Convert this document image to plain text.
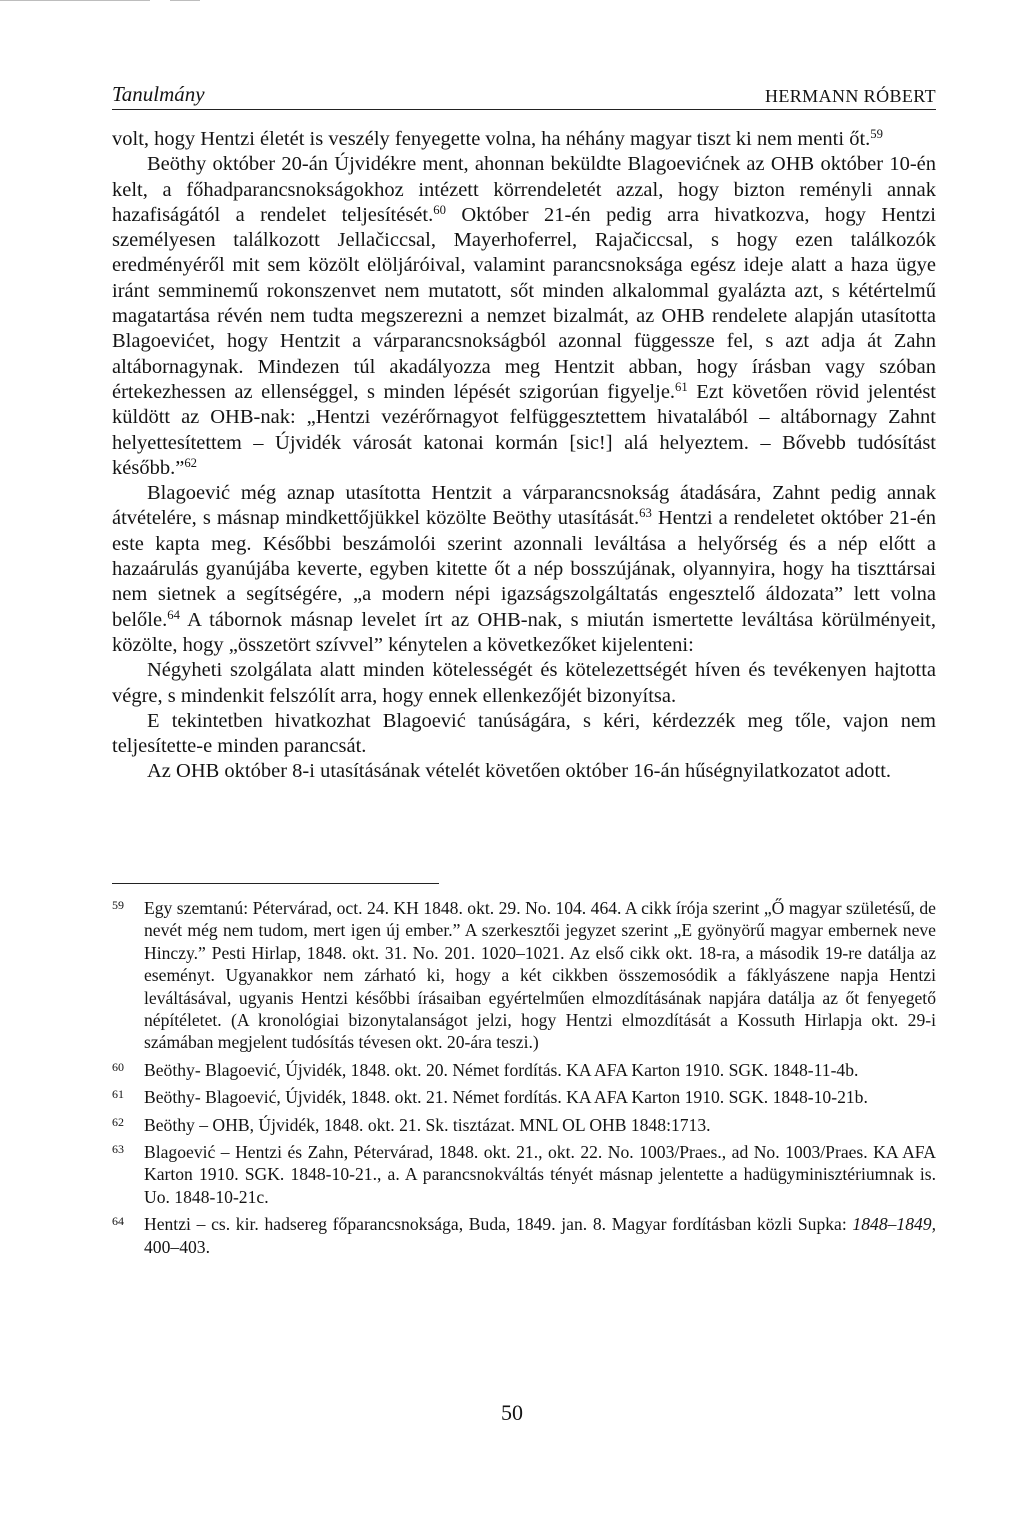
Tanulmány	HERMANN RÓBERT

volt, hogy Hentzi életét is veszély fenyegette volna, ha néhány magyar tiszt ki nem menti őt.$^{59}$

Beöthy október 20-án Újvidékre ment, ahonnan beküldte Blagoevićnek az OHB október 10-én kelt, a főhadparancsnokságokhoz intézett körrendeletét azzal, hogy bizton reményli annak hazafiságától a rendelet teljesítését.$^{60}$ Október 21-én pedig arra hivatkozva, hogy Hentzi személyesen találkozott Jellačiccsal, Mayerhoferrel, Rajačiccsal, s hogy ezen találkozók eredményéről mit sem közölt elöljáróival, valamint parancsnoksága egész ideje alatt a haza ügye iránt semminemű rokonszenvet nem mutatott, sőt minden alkalommal gyalázta azt, s kétértelmű magatartása révén nem tudta megszerezni a nemzet bizalmát, az OHB rendelete alapján utasította Blagoevićet, hogy Hentzit a várparancsnokságból azonnal függessze fel, s azt adja át Zahn altábornagynak. Mindezen túl akadályozza meg Hentzit abban, hogy írásban vagy szóban értekezhessen az ellenséggel, s minden lépését szigorúan figyelje.$^{61}$ Ezt követően rövid jelentést küldött az OHB-nak: „Hentzi vezérőrnagyot felfüggesztettem hivatalából – altábornagy Zahnt helyettesítettem – Újvidék városát katonai kormán [sic!] alá helyeztem. – Bővebb tudósítást később.”$^{62}$

Blagoević még aznap utasította Hentzit a várparancsnokság átadására, Zahnt pedig annak átvételére, s másnap mindkettőjükkel közölte Beöthy utasítását.$^{63}$ Hentzi a rendeletet október 21-én este kapta meg. Későbbi beszámolói szerint azonnali leváltása a helyőrség és a nép előtt a hazaárulás gyanújába keverte, egyben kitette őt a nép bosszújának, olyannyira, hogy ha tiszttársai nem sietnek a segítségére, „a modern népi igazságszolgáltatás engesztelő áldozata” lett volna belőle.$^{64}$ A tábornok másnap levelet írt az OHB-nak, s miután ismertette leváltása körülményeit, közölte, hogy „összetört szívvel” kénytelen a következőket kijelenteni:

Négyheti szolgálata alatt minden kötelességét és kötelezettségét híven és tevékenyen hajtotta végre, s mindenkit felszólít arra, hogy ennek ellenkezőjét bizonyítsa.

E tekintetben hivatkozhat Blagoević tanúságára, s kéri, kérdezzék meg tőle, vajon nem teljesítette-e minden parancsát.

Az OHB október 8-i utasításának vételét követően október 16-án hűségnyilatkozatot adott.

59 Egy szemtanú: Pétervárad, oct. 24. KH 1848. okt. 29. No. 104. 464. A cikk írója szerint „Ő magyar születésű, de nevét még nem tudom, mert igen új ember.” A szerkesztői jegyzet szerint „E gyönyörű magyar embernek neve Hinczy.” Pesti Hirlap, 1848. okt. 31. No. 201. 1020–1021. Az első cikk okt. 18-ra, a második 19-re datálja az eseményt. Ugyanakkor nem zárható ki, hogy a két cikkben összemosódik a fáklyászene napja Hentzi leváltásával, ugyanis Hentzi későbbi írásaiban egyértelműen elmozdításának napjára datálja az őt fenyegető népítéletet. (A kronológiai bizonytalanságot jelzi, hogy Hentzi elmozdítását a Kossuth Hirlapja okt. 29-i számában megjelent tudósítás tévesen okt. 20-ára teszi.)
60 Beöthy- Blagoević, Újvidék, 1848. okt. 20. Német fordítás. KA AFA Karton 1910. SGK. 1848-11-4b.
61 Beöthy- Blagoević, Újvidék, 1848. okt. 21. Német fordítás. KA AFA Karton 1910. SGK. 1848-10-21b.
62 Beöthy – OHB, Újvidék, 1848. okt. 21. Sk. tisztázat. MNL OL OHB 1848:1713.
63 Blagoević – Hentzi és Zahn, Pétervárad, 1848. okt. 21., okt. 22. No. 1003/Praes., ad No. 1003/Praes. KA AFA Karton 1910. SGK. 1848-10-21., a. A parancsnokváltás tényét másnap jelentette a hadügyminisztériumnak is. Uo. 1848-10-21c.
64 Hentzi – cs. kir. hadsereg főparancsnoksága, Buda, 1849. jan. 8. Magyar fordításban közli Supka: 1848–1849, 400–403.
50
